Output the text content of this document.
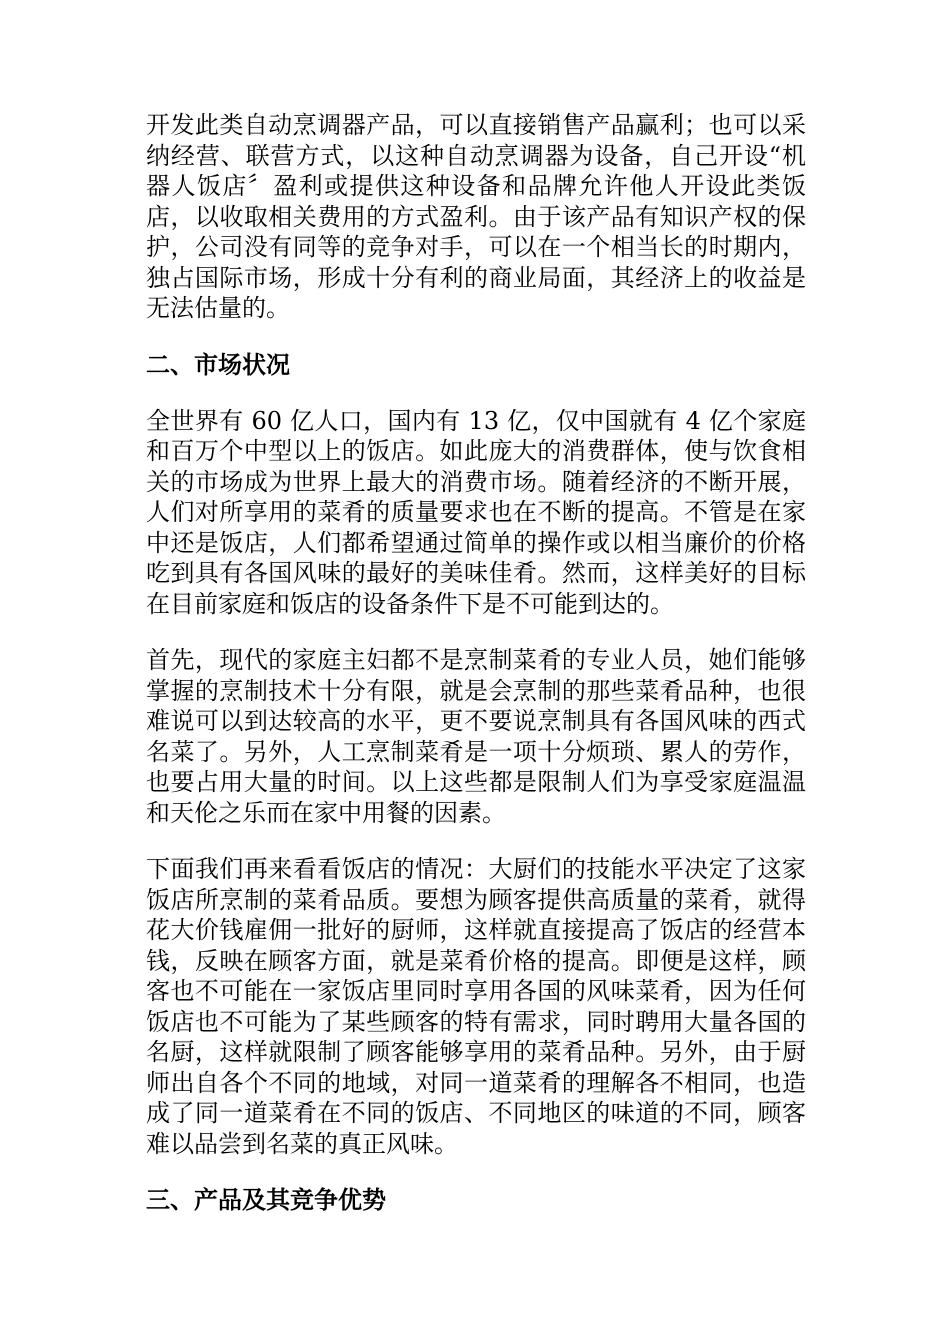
开发此类自动烹调器产品，可以直接销售产品赢利；也可以采纳经营、联营方式，以这种自动烹调器为设备，自己开设“机器人饭店〞盈利或提供这种设备和品牌允许他人开设此类饭店，以收取相关费用的方式盈利。由于该产品有知识产权的保护，公司没有同等的竞争对手，可以在一个相当长的时期内，独占国际市场，形成十分有利的商业局面，其经济上的收益是无法估量的。

二、市场状况

全世界有 60 亿人口，国内有 13 亿，仅中国就有 4 亿个家庭和百万个中型以上的饭店。如此庞大的消费群体，使与饮食相关的市场成为世界上最大的消费市场。随着经济的不断开展，人们对所享用的菜肴的质量要求也在不断的提高。不管是在家中还是饭店，人们都希望通过简单的操作或以相当廉价的价格吃到具有各国风味的最好的美味佳肴。然而，这样美好的目标在目前家庭和饭店的设备条件下是不可能到达的。

首先，现代的家庭主妇都不是烹制菜肴的专业人员，她们能够掌握的烹制技术十分有限，就是会烹制的那些菜肴品种，也很难说可以到达较高的水平，更不要说烹制具有各国风味的西式名菜了。另外，人工烹制菜肴是一项十分烦琐、累人的劳作，也要占用大量的时间。以上这些都是限制人们为享受家庭温温和天伦之乐而在家中用餐的因素。

下面我们再来看看饭店的情况：大厨们的技能水平决定了这家饭店所烹制的菜肴品质。要想为顾客提供高质量的菜肴，就得花大价钱雇佣一批好的厨师，这样就直接提高了饭店的经营本钱，反映在顾客方面，就是菜肴价格的提高。即便是这样，顾客也不可能在一家饭店里同时享用各国的风味菜肴，因为任何饭店也不可能为了某些顾客的特有需求，同时聘用大量各国的名厨，这样就限制了顾客能够享用的菜肴品种。另外，由于厨师出自各个不同的地域，对同一道菜肴的理解各不相同，也造成了同一道菜肴在不同的饭店、不同地区的味道的不同，顾客难以品尝到名菜的真正风味。

三、产品及其竞争优势
